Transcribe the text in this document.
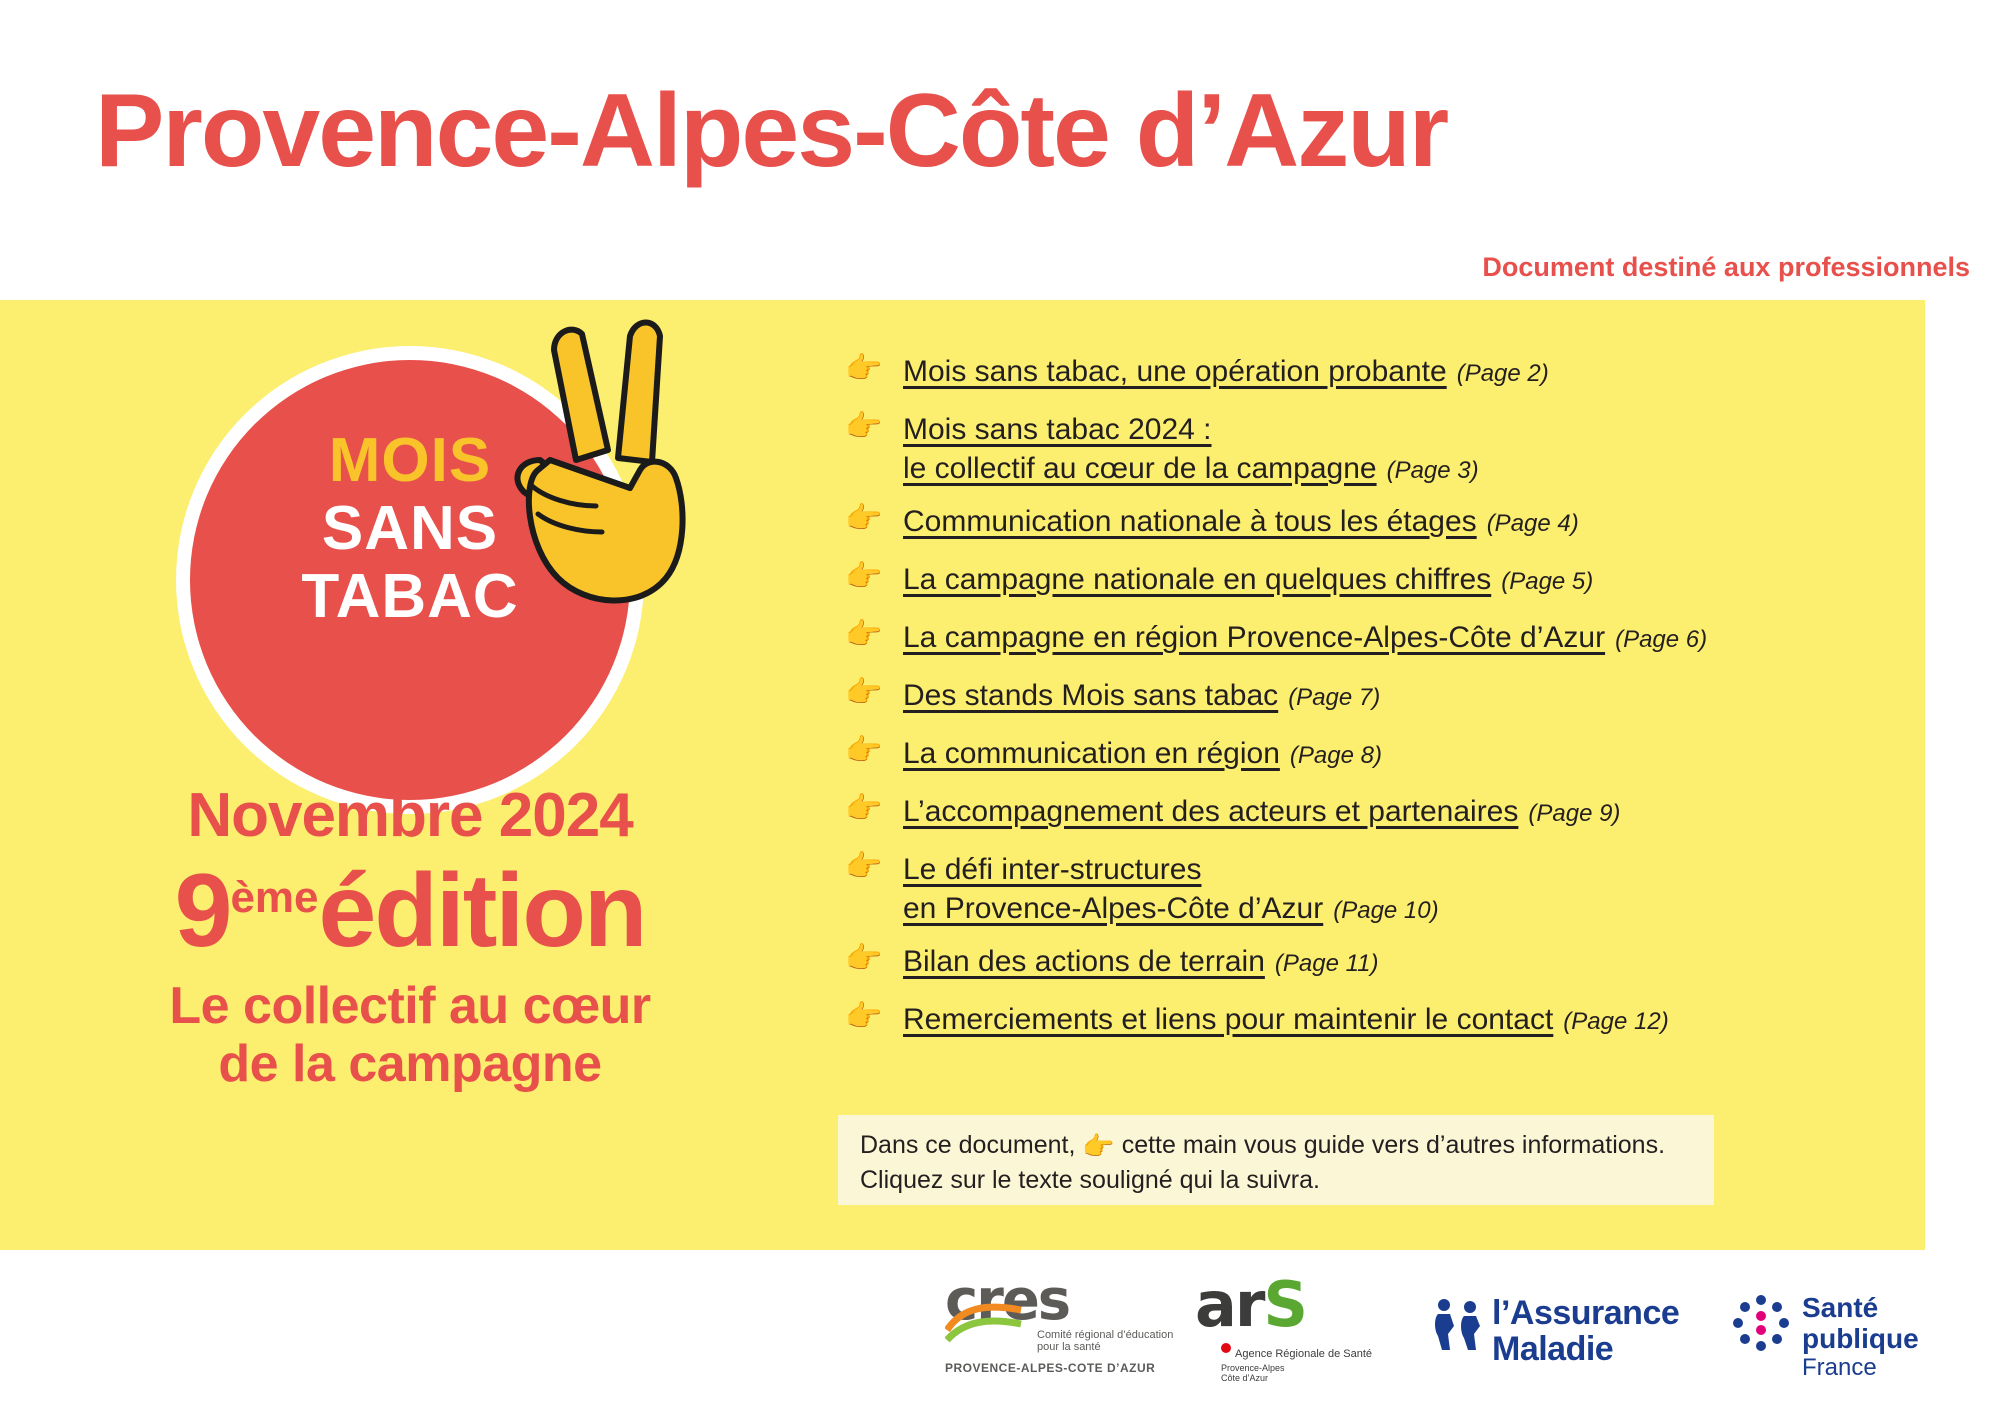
Provence-Alpes-Côte d’Azur
Document destiné aux professionnels
MOIS
SANS
TABAC
Novembre 2024
9èmeédition
Le collectif au cœur
de la campagne
👉 Mois sans tabac, une opération probante (Page 2)
👉 Mois sans tabac 2024 :
le collectif au cœur de la campagne (Page 3)
👉 Communication nationale à tous les étages (Page 4)
👉 La campagne nationale en quelques chiffres (Page 5)
👉 La campagne en région Provence-Alpes-Côte d’Azur (Page 6)
👉 Des stands Mois sans tabac (Page 7)
👉 La communication en région (Page 8)
👉 L’accompagnement des acteurs et partenaires (Page 9)
👉 Le défi inter-structures
en Provence-Alpes-Côte d’Azur (Page 10)
👉 Bilan des actions de terrain (Page 11)
👉 Remerciements et liens pour maintenir le contact (Page 12)
Dans ce document, 👉 cette main vous guide vers d’autres informations.
Cliquez sur le texte souligné qui la suivra.
cres
Comité régional d’éducation pour la santé
PROVENCE-ALPES-COTE D’AZUR
arS
Agence Régionale de Santé
Provence-Alpes
Côte d’Azur
l’Assurance
Maladie
Santé
publique
France
